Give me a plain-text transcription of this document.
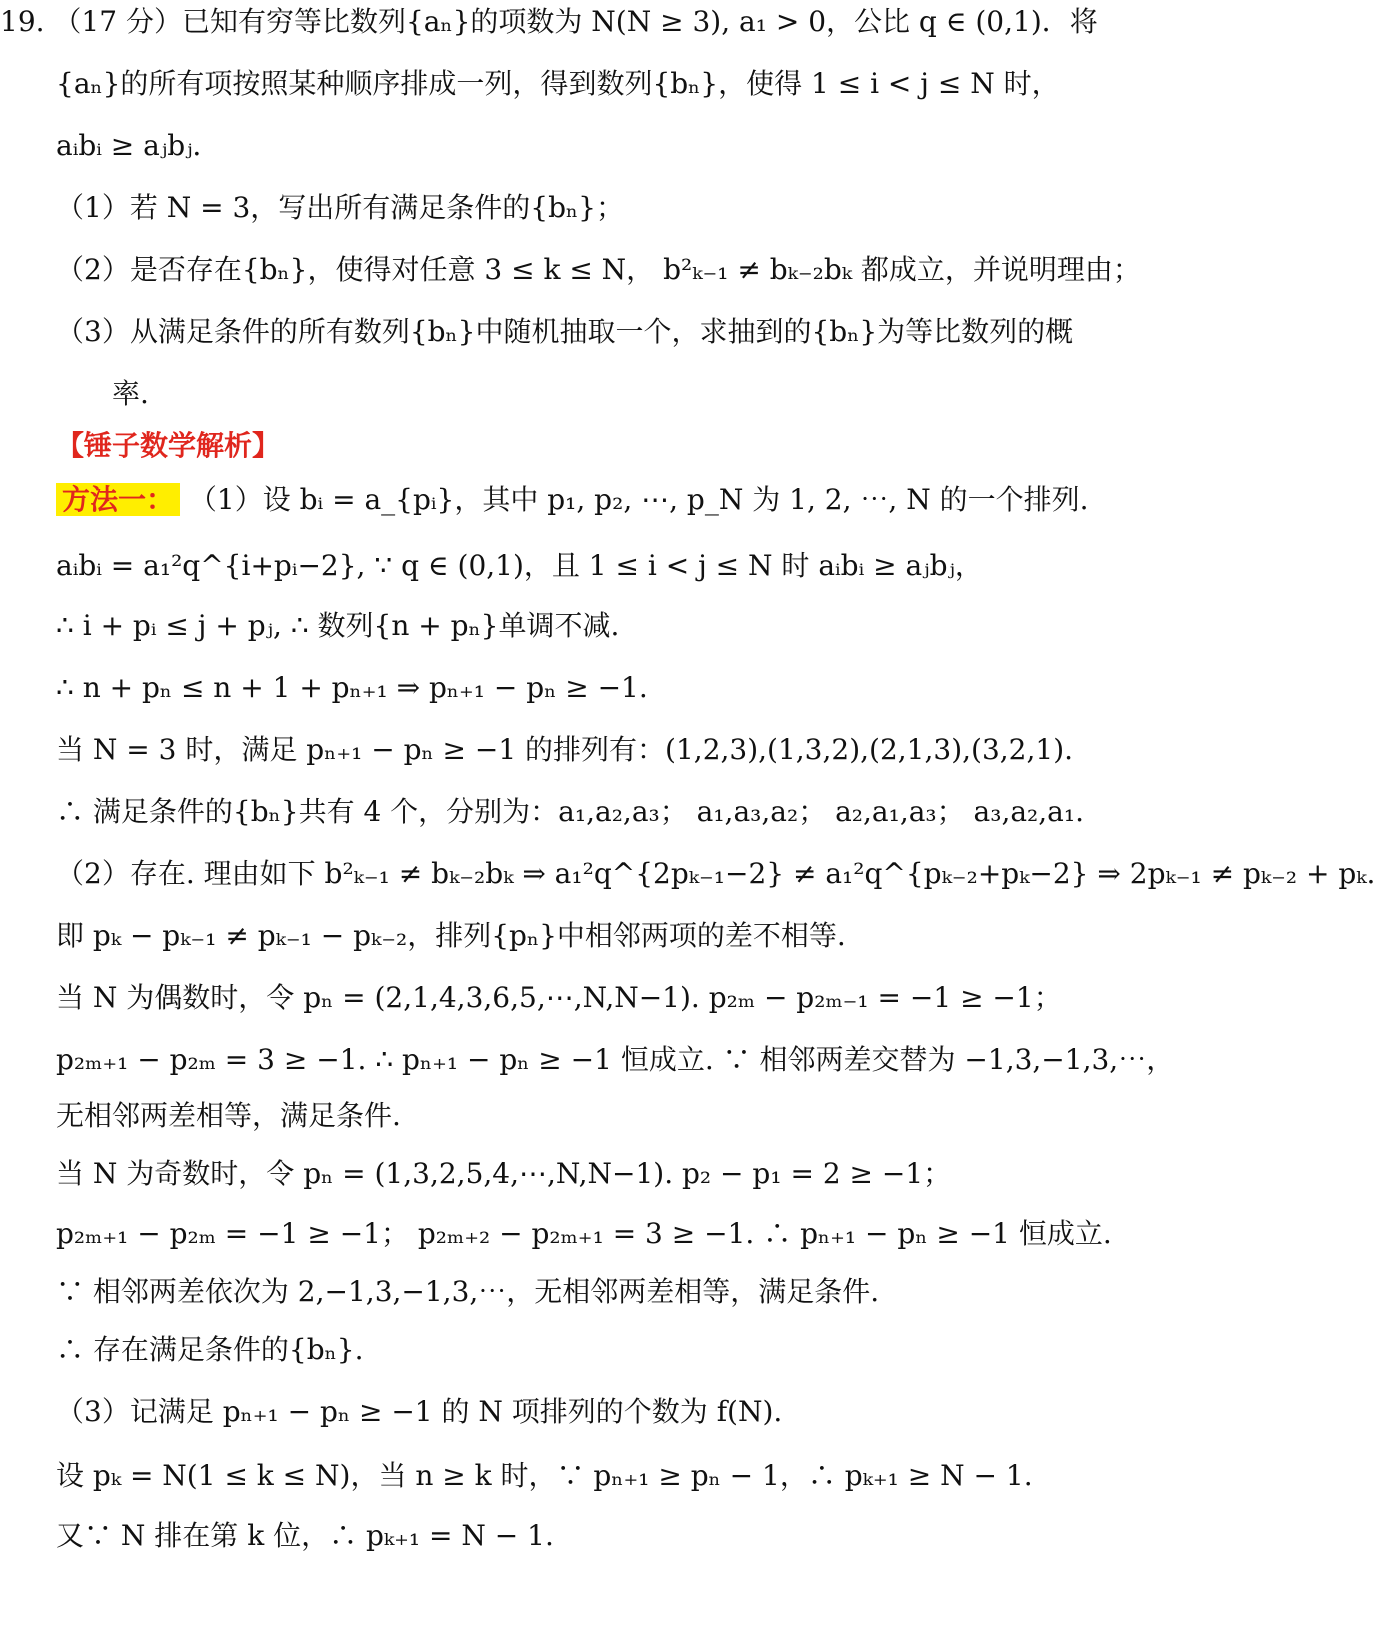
19. （17 分）已知有穷等比数列{aₙ}的项数为 N(N ≥ 3), a₁ > 0，公比 q ∈ (0,1)．将
{aₙ}的所有项按照某种顺序排成一列，得到数列{bₙ}，使得 1 ≤ i < j ≤ N 时，
aᵢbᵢ ≥ aⱼbⱼ．
（1）若 N = 3，写出所有满足条件的{bₙ}；
（2）是否存在{bₙ}，使得对任意 3 ≤ k ≤ N， b²ₖ₋₁ ≠ bₖ₋₂bₖ 都成立，并说明理由；
（3）从满足条件的所有数列{bₙ}中随机抽取一个，求抽到的{bₙ}为等比数列的概
率.
【锤子数学解析】
方法一： （1）设 bᵢ = a_{pᵢ}，其中 p₁, p₂, ⋯, p_N 为 1, 2, ⋯, N 的一个排列.
aᵢbᵢ = a₁²q^{i+pᵢ−2}, ∵ q ∈ (0,1)，且 1 ≤ i < j ≤ N 时 aᵢbᵢ ≥ aⱼbⱼ，
∴ i + pᵢ ≤ j + pⱼ, ∴ 数列{n + pₙ}单调不减.
∴ n + pₙ ≤ n + 1 + pₙ₊₁ ⇒ pₙ₊₁ − pₙ ≥ −1.
当 N = 3 时，满足 pₙ₊₁ − pₙ ≥ −1 的排列有：(1,2,3),(1,3,2),(2,1,3),(3,2,1).
∴ 满足条件的{bₙ}共有 4 个，分别为：a₁,a₂,a₃； a₁,a₃,a₂； a₂,a₁,a₃； a₃,a₂,a₁.
（2）存在. 理由如下 b²ₖ₋₁ ≠ bₖ₋₂bₖ ⇒ a₁²q^{2pₖ₋₁−2} ≠ a₁²q^{pₖ₋₂+pₖ−2} ⇒ 2pₖ₋₁ ≠ pₖ₋₂ + pₖ.
即 pₖ − pₖ₋₁ ≠ pₖ₋₁ − pₖ₋₂，排列{pₙ}中相邻两项的差不相等.
当 N 为偶数时，令 pₙ = (2,1,4,3,6,5,⋯,N,N−1). p₂ₘ − p₂ₘ₋₁ = −1 ≥ −1；
p₂ₘ₊₁ − p₂ₘ = 3 ≥ −1. ∴ pₙ₊₁ − pₙ ≥ −1 恒成立. ∵ 相邻两差交替为 −1,3,−1,3,⋯，
无相邻两差相等，满足条件.
当 N 为奇数时，令 pₙ = (1,3,2,5,4,⋯,N,N−1). p₂ − p₁ = 2 ≥ −1；
p₂ₘ₊₁ − p₂ₘ = −1 ≥ −1； p₂ₘ₊₂ − p₂ₘ₊₁ = 3 ≥ −1. ∴ pₙ₊₁ − pₙ ≥ −1 恒成立.
∵ 相邻两差依次为 2,−1,3,−1,3,⋯，无相邻两差相等，满足条件.
∴ 存在满足条件的{bₙ}.
（3）记满足 pₙ₊₁ − pₙ ≥ −1 的 N 项排列的个数为 f(N).
设 pₖ = N(1 ≤ k ≤ N)，当 n ≥ k 时，∵ pₙ₊₁ ≥ pₙ − 1，∴ pₖ₊₁ ≥ N − 1.
又∵ N 排在第 k 位，∴ pₖ₊₁ = N − 1.
